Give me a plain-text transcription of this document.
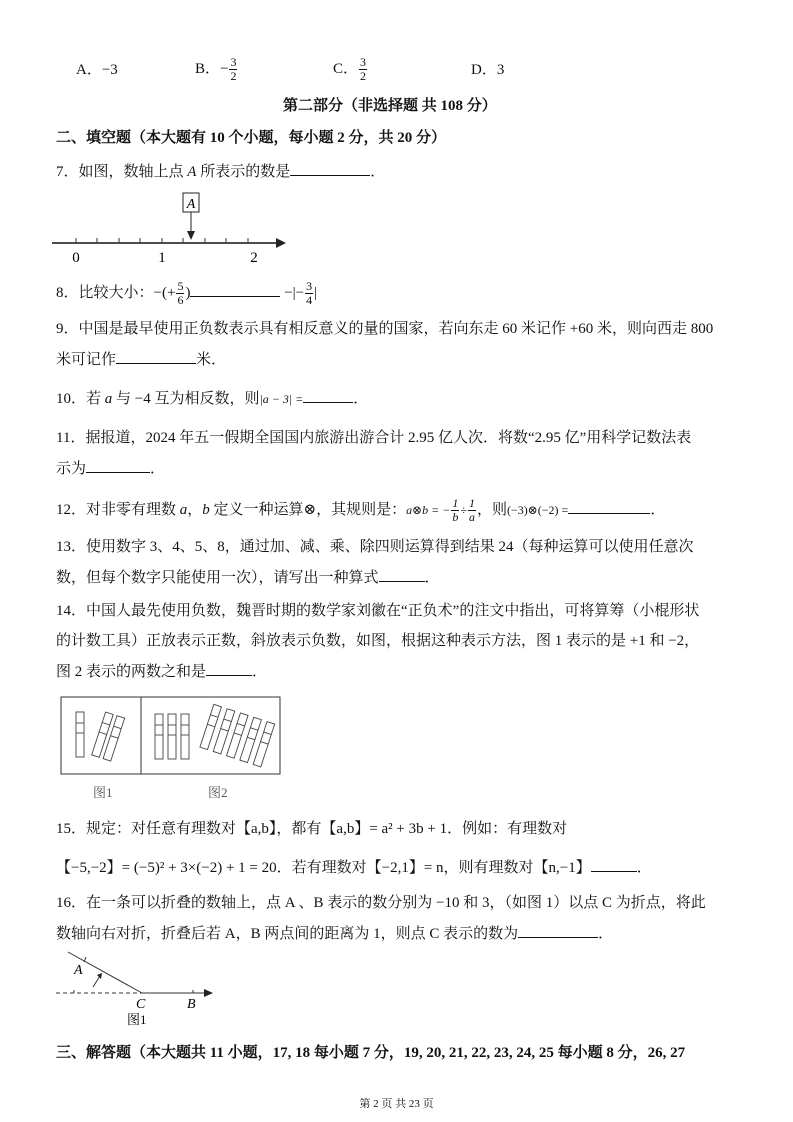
A．−3	B．− $\frac{3}{2}$	C． $\frac{3}{2}$	D．3
第二部分（非选择题 共 108 分）
二、填空题（本大题有 10 个小题，每小题 2 分，共 20 分）
7．如图，数轴上点 A 所表示的数是	．
A
0	1	2
8．比较大小：−(+ $\frac{5}{6}$ )	−|− $\frac{3}{4}$ |
9．中国是最早使用正负数表示具有相反意义的量的国家，若向东走 60 米记作 +60 米，则向西走 800
米可记作	米．
10．若 a 与 −4 互为相反数，则|a − 3| =	．
11．据报道，2024 年五一假期全国国内旅游出游合计 2.95 亿人次．将数“2.95 亿”用科学记数法表
示为	．
12．对非零有理数 a，b 定义一种运算⊗，其规则是：a⊗b = − $\frac{1}{b} \div \frac{1}{a}$ ，则(−3)⊗(−2) =	．
13．使用数字 3、4、5、8，通过加、减、乘、除四则运算得到结果 24（每种运算可以使用任意次
数，但每个数字只能使用一次），请写出一种算式	．
14．中国人最先使用负数，魏晋时期的数学家刘徽在“正负术”的注文中指出，可将算筹（小棍形状
的计数工具）正放表示正数，斜放表示负数，如图，根据这种表示方法，图 1 表示的是 +1 和 −2，
图 2 表示的两数之和是	．
图1	图2
15．规定：对任意有理数对【a,b】，都有【a,b】= a² + 3b + 1．例如：有理数对
【−5,−2】= (−5)² + 3×(−2) + 1 = 20．若有理数对【−2,1】= n，则有理数对【n,−1】	．
16．在一条可以折叠的数轴上，点 A 、B 表示的数分别为 −10 和 3，（如图 1）以点 C 为折点，将此
数轴向右对折，折叠后若 A，B 两点间的距离为 1，则点 C 表示的数为	．
A
C	B
图1
三、解答题（本大题共 11 小题，17, 18 每小题 7 分，19, 20, 21, 22, 23, 24, 25 每小题 8 分，26, 27
第 2 页 共 23 页
